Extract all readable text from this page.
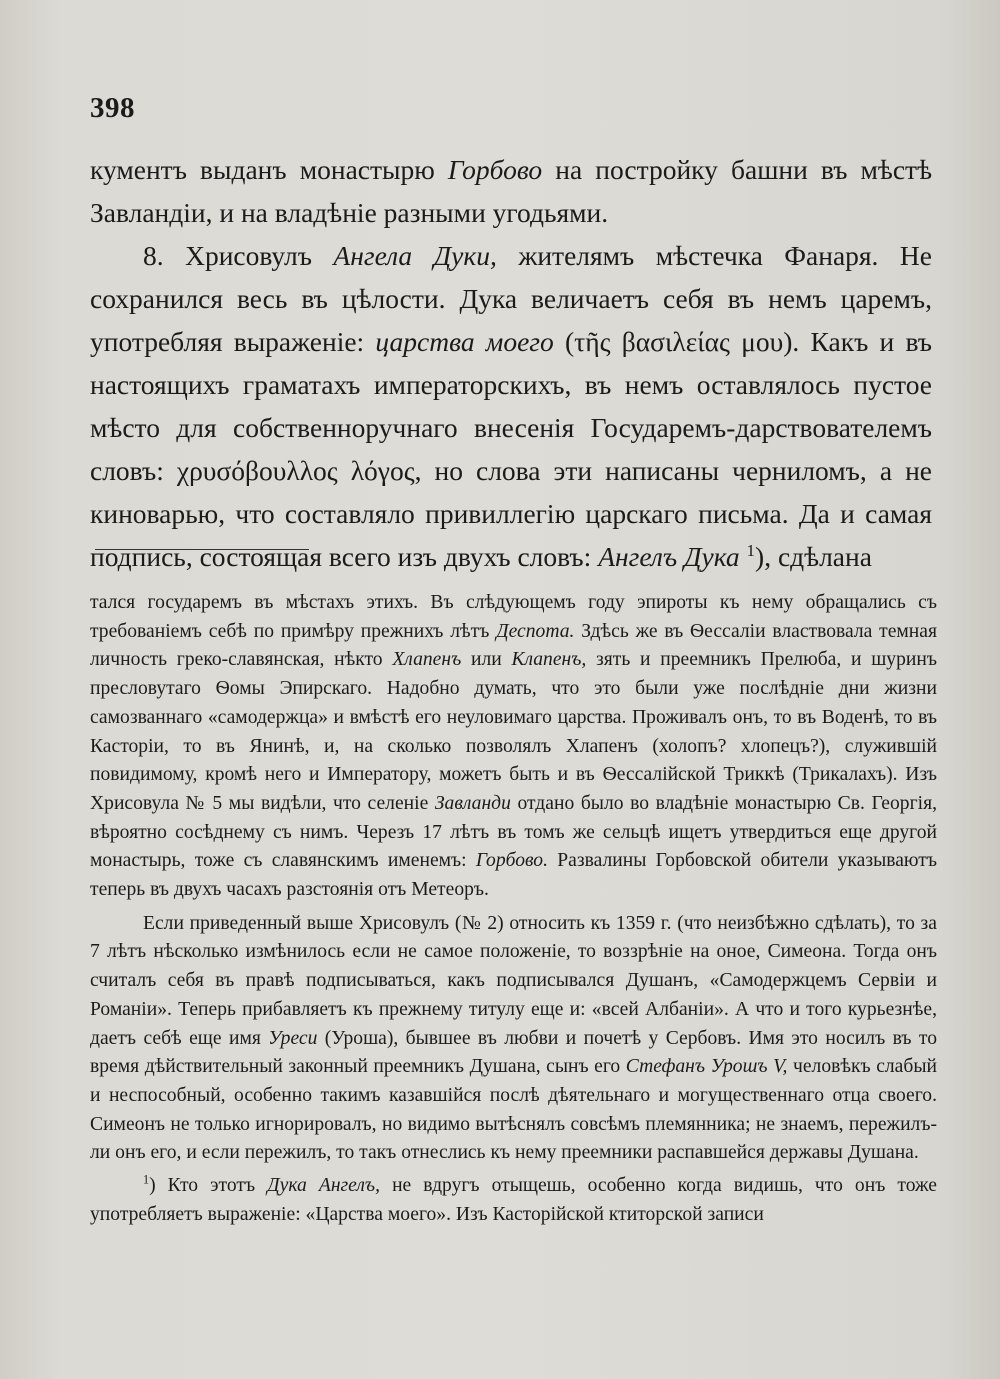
398

кументъ выданъ монастырю Горбово на постройку башни въ мѣстѣ Завландіи, и на владѣніе разными угодьями.

8. Хрисовулъ Ангела Дуки, жителямъ мѣстечка Фанаря. Не сохранился весь въ цѣлости. Дука величаетъ себя въ немъ царемъ, употребляя выраженіе: царства моего (τῆς βασιλείας μου). Какъ и въ настоящихъ граматахъ императорскихъ, въ немъ оставлялось пустое мѣсто для собственноручнаго внесенія Государемъ-дарствователемъ словъ: χρυσόβουλλος λόγος, но слова эти написаны черниломъ, а не киноварью, что составляло привиллегію царскаго письма. Да и самая подпись, состоящая всего изъ двухъ словъ: Ангелъ Дука $^1$), сдѣлана

тался государемъ въ мѣстахъ этихъ. Въ слѣдующемъ году эпироты къ нему обращались съ требованіемъ себѣ по примѣру прежнихъ лѣтъ Деспота. Здѣсь же въ Ѳессаліи властвовала темная личность греко-славянская, нѣкто Хлапенъ или Клапенъ, зять и преемникъ Прелюба, и шуринъ пресловутаго Ѳомы Эпирскаго. Надобно думать, что это были уже послѣдніе дни жизни самозваннаго «самодержца» и вмѣстѣ его неуловимаго царства. Проживалъ онъ, то въ Воденѣ, то въ Касторіи, то въ Янинѣ, и, на сколько позволялъ Хлапенъ (холопъ? хлопецъ?), служившій повидимому, кромѣ него и Императору, можетъ быть и въ Ѳессалійской Триккѣ (Трикалахъ). Изъ Хрисовула № 5 мы видѣли, что селеніе Завланди отдано было во владѣніе монастырю Св. Георгія, вѣроятно сосѣднему съ нимъ. Черезъ 17 лѣтъ въ томъ же сельцѣ ищетъ утвердиться еще другой монастырь, тоже съ славянскимъ именемъ: Горбово. Развалины Горбовской обители указываютъ теперь въ двухъ часахъ разстоянія отъ Метеоръ.

Если приведенный выше Хрисовулъ (№ 2) относить къ 1359 г. (что неизбѣжно сдѣлать), то за 7 лѣтъ нѣсколько измѣнилось если не самое положеніе, то воззрѣніе на оное, Симеона. Тогда онъ считалъ себя въ правѣ подписываться, какъ подписывался Душанъ, «Самодержцемъ Сервіи и Романіи». Теперь прибавляетъ къ прежнему титулу еще и: «всей Албаніи». А что и того курьезнѣе, даетъ себѣ еще имя Уреси (Уроша), бывшее въ любви и почетѣ у Сербовъ. Имя это носилъ въ то время дѣйствительный законный преемникъ Душана, сынъ его Стефанъ Урошъ V, человѣкъ слабый и неспособный, особенно такимъ казавшійся послѣ дѣятельнаго и могущественнаго отца своего. Симеонъ не только игнорировалъ, но видимо вытѣснялъ совсѣмъ племянника; не знаемъ, пережилъ-ли онъ его, и если пережилъ, то такъ отнеслись къ нему преемники распавшейся державы Душана.

$^1$) Кто этотъ Дука Ангелъ, не вдругъ отыщешь, особенно когда видишь, что онъ тоже употребляетъ выраженіе: «Царства моего». Изъ Касторійской ктиторской записи
